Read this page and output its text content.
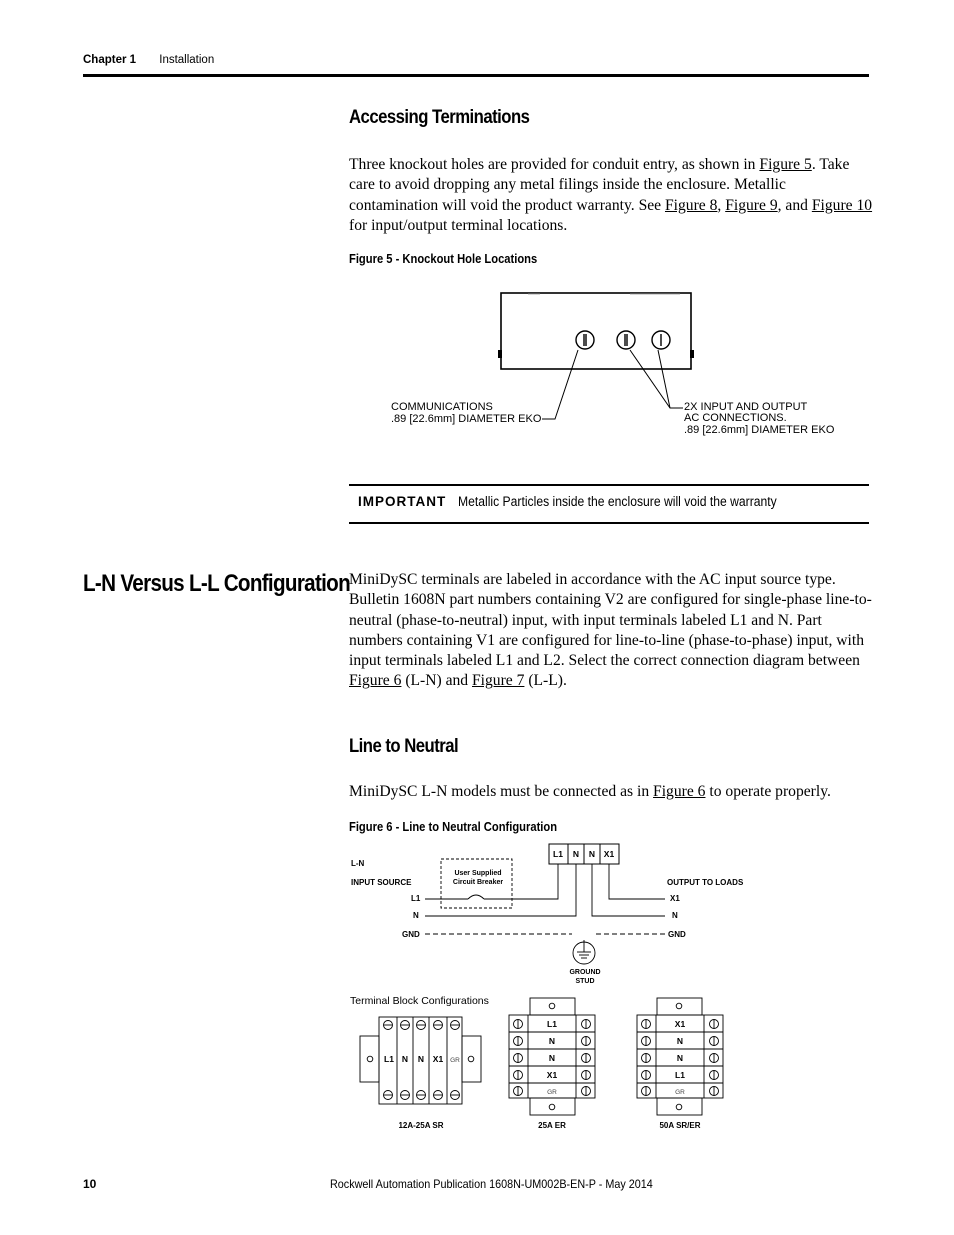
Chapter 1 Installation
Accessing Terminations
Three knockout holes are provided for conduit entry, as shown in Figure 5. Take care to avoid dropping any metal filings inside the enclosure. Metallic contamination will void the product warranty. See Figure 8, Figure 9, and Figure 10 for input/output terminal locations.
Figure 5 - Knockout Hole Locations
COMMUNICATIONS
.89 [22.6mm] DIAMETER EKO
2X INPUT AND OUTPUT
AC CONNECTIONS.
.89 [22.6mm] DIAMETER EKO
IMPORTANT Metallic Particles inside the enclosure will void the warranty
L-N Versus L-L Configuration
MiniDySC terminals are labeled in accordance with the AC input source type. Bulletin 1608N part numbers containing V2 are configured for single-phase line-to-neutral (phase-to-neutral) input, with input terminals labeled L1 and N. Part numbers containing V1 are configured for line-to-line (phase-to-phase) input, with input terminals labeled L1 and L2. Select the correct connection diagram between Figure 6 (L-N) and Figure 7 (L-L).
Line to Neutral
MiniDySC L-N models must be connected as in Figure 6 to operate properly.
Figure 6 - Line to Neutral Configuration
L1 N N X1
L-N
INPUT SOURCE
L1
N
GND
OUTPUT TO LOADS
X1
N
GND
User Supplied
Circuit Breaker
GROUND
STUD
Terminal Block Configurations
L1 N N X1 GR
12A-25A SR
L1
N
N
X1
GR
25A ER
X1
N
N
L1
GR
50A SR/ER
10	Rockwell Automation Publication 1608N-UM002B-EN-P - May 2014
